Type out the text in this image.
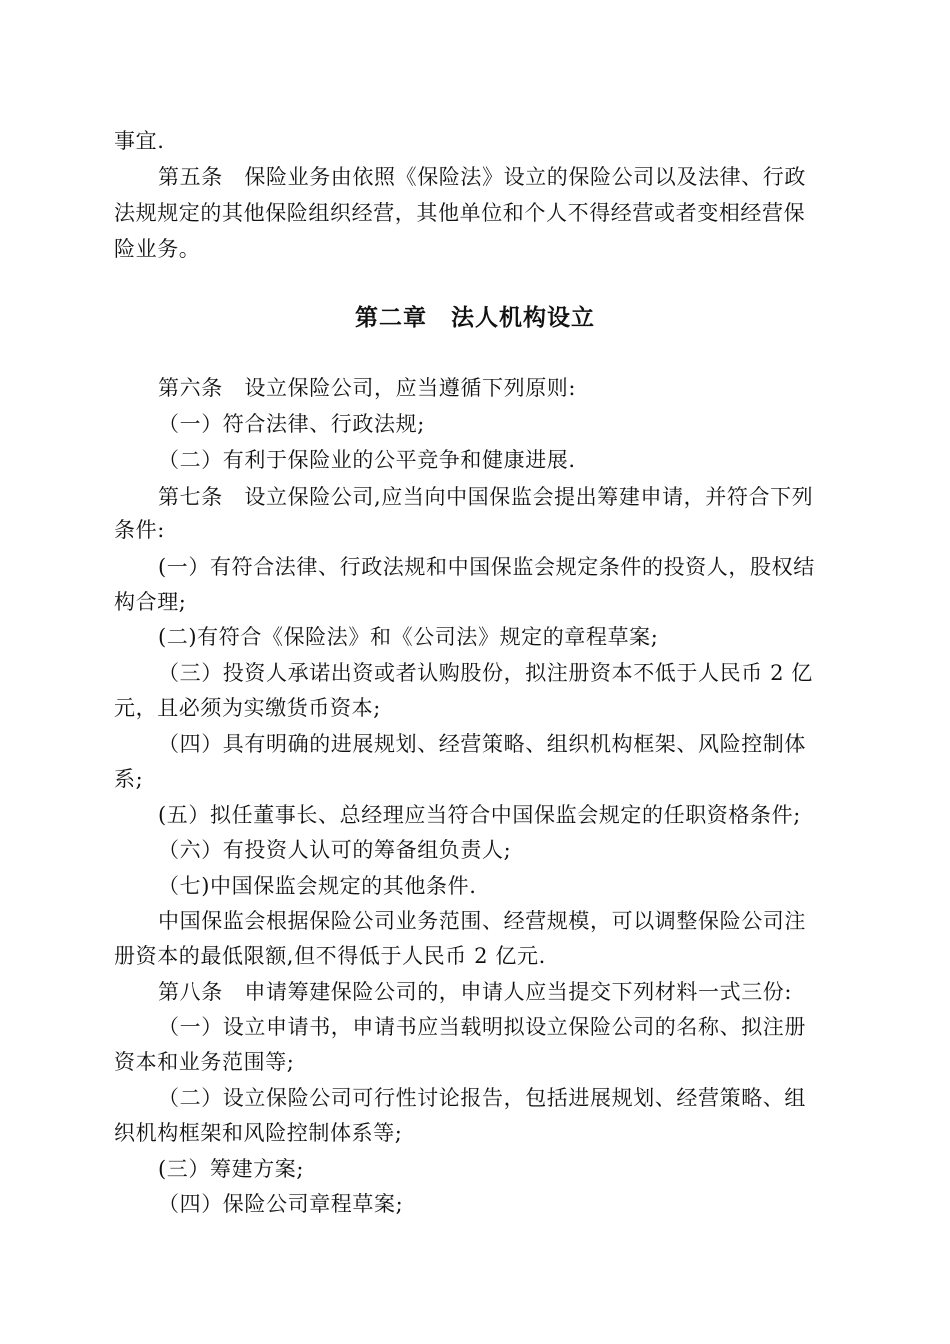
事宜.
第五条　保险业务由依照《保险法》设立的保险公司以及法律、行政
法规规定的其他保险组织经营，其他单位和个人不得经营或者变相经营保
险业务。
第二章　法人机构设立
第六条　设立保险公司，应当遵循下列原则:
（一）符合法律、行政法规;
（二）有利于保险业的公平竞争和健康进展.
第七条　设立保险公司,应当向中国保监会提出筹建申请，并符合下列
条件:
(一）有符合法律、行政法规和中国保监会规定条件的投资人，股权结
构合理;
(二)有符合《保险法》和《公司法》规定的章程草案;
（三）投资人承诺出资或者认购股份，拟注册资本不低于人民币 2 亿
元，且必须为实缴货币资本;
（四）具有明确的进展规划、经营策略、组织机构框架、风险控制体
系;
(五）拟任董事长、总经理应当符合中国保监会规定的任职资格条件;
（六）有投资人认可的筹备组负责人;
（七)中国保监会规定的其他条件.
中国保监会根据保险公司业务范围、经营规模，可以调整保险公司注
册资本的最低限额,但不得低于人民币 2 亿元.
第八条　申请筹建保险公司的，申请人应当提交下列材料一式三份:
（一）设立申请书，申请书应当载明拟设立保险公司的名称、拟注册
资本和业务范围等;
（二）设立保险公司可行性讨论报告，包括进展规划、经营策略、组
织机构框架和风险控制体系等;
(三）筹建方案;
（四）保险公司章程草案;
